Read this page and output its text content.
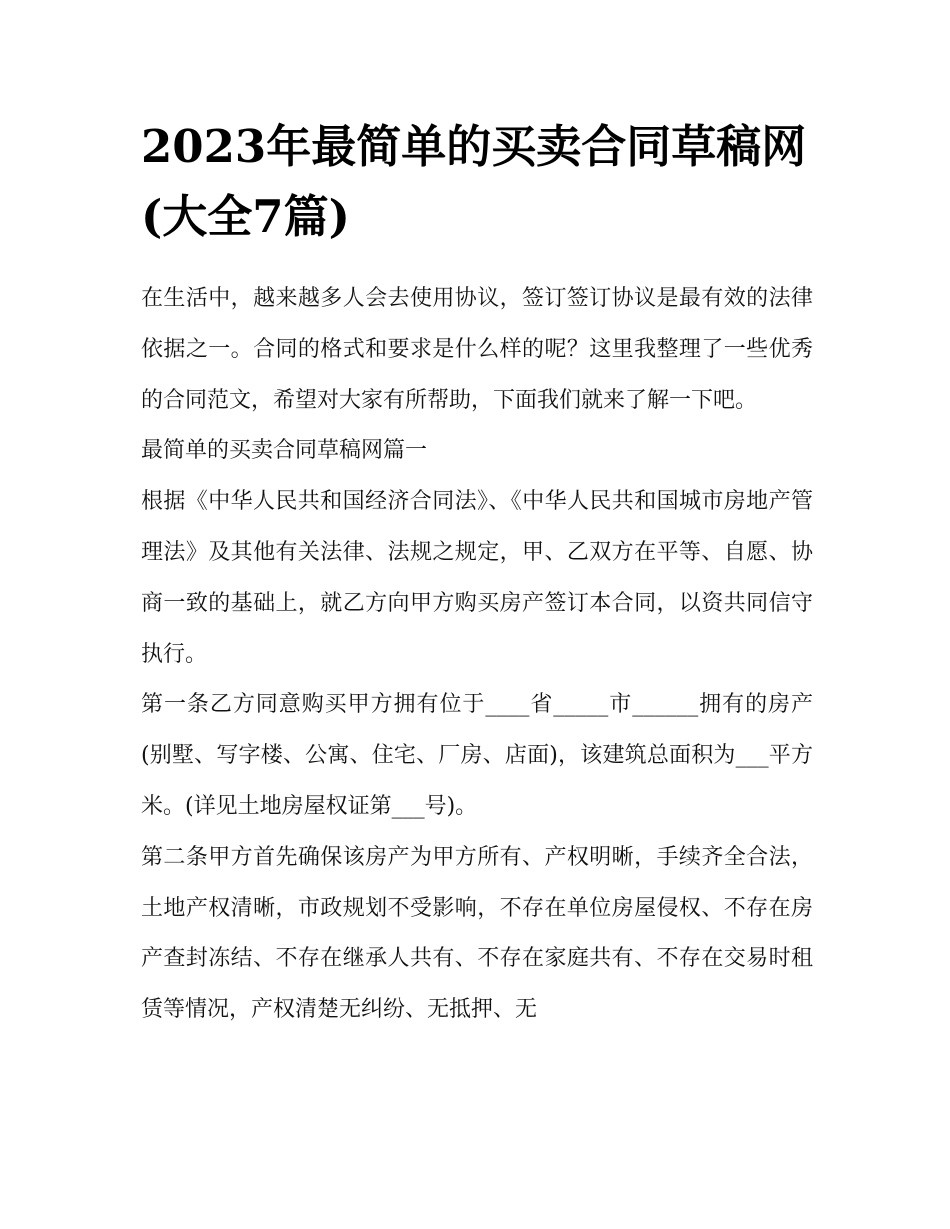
2023年最简单的买卖合同草稿网(大全7篇)

在生活中，越来越多人会去使用协议，签订签订协议是最有效的法律依据之一。合同的格式和要求是什么样的呢？这里我整理了一些优秀的合同范文，希望对大家有所帮助，下面我们就来了解一下吧。

最简单的买卖合同草稿网篇一

根据《中华人民共和国经济合同法》、《中华人民共和国城市房地产管理法》及其他有关法律、法规之规定，甲、乙双方在平等、自愿、协商一致的基础上，就乙方向甲方购买房产签订本合同，以资共同信守执行。

第一条乙方同意购买甲方拥有位于____省_____市______拥有的房产(别墅、写字楼、公寓、住宅、厂房、店面)，该建筑总面积为___平方米。(详见土地房屋权证第___号)。

第二条甲方首先确保该房产为甲方所有、产权明晰，手续齐全合法，土地产权清晰，市政规划不受影响，不存在单位房屋侵权、不存在房产查封冻结、不存在继承人共有、不存在家庭共有、不存在交易时租赁等情况，产权清楚无纠纷、无抵押、无
